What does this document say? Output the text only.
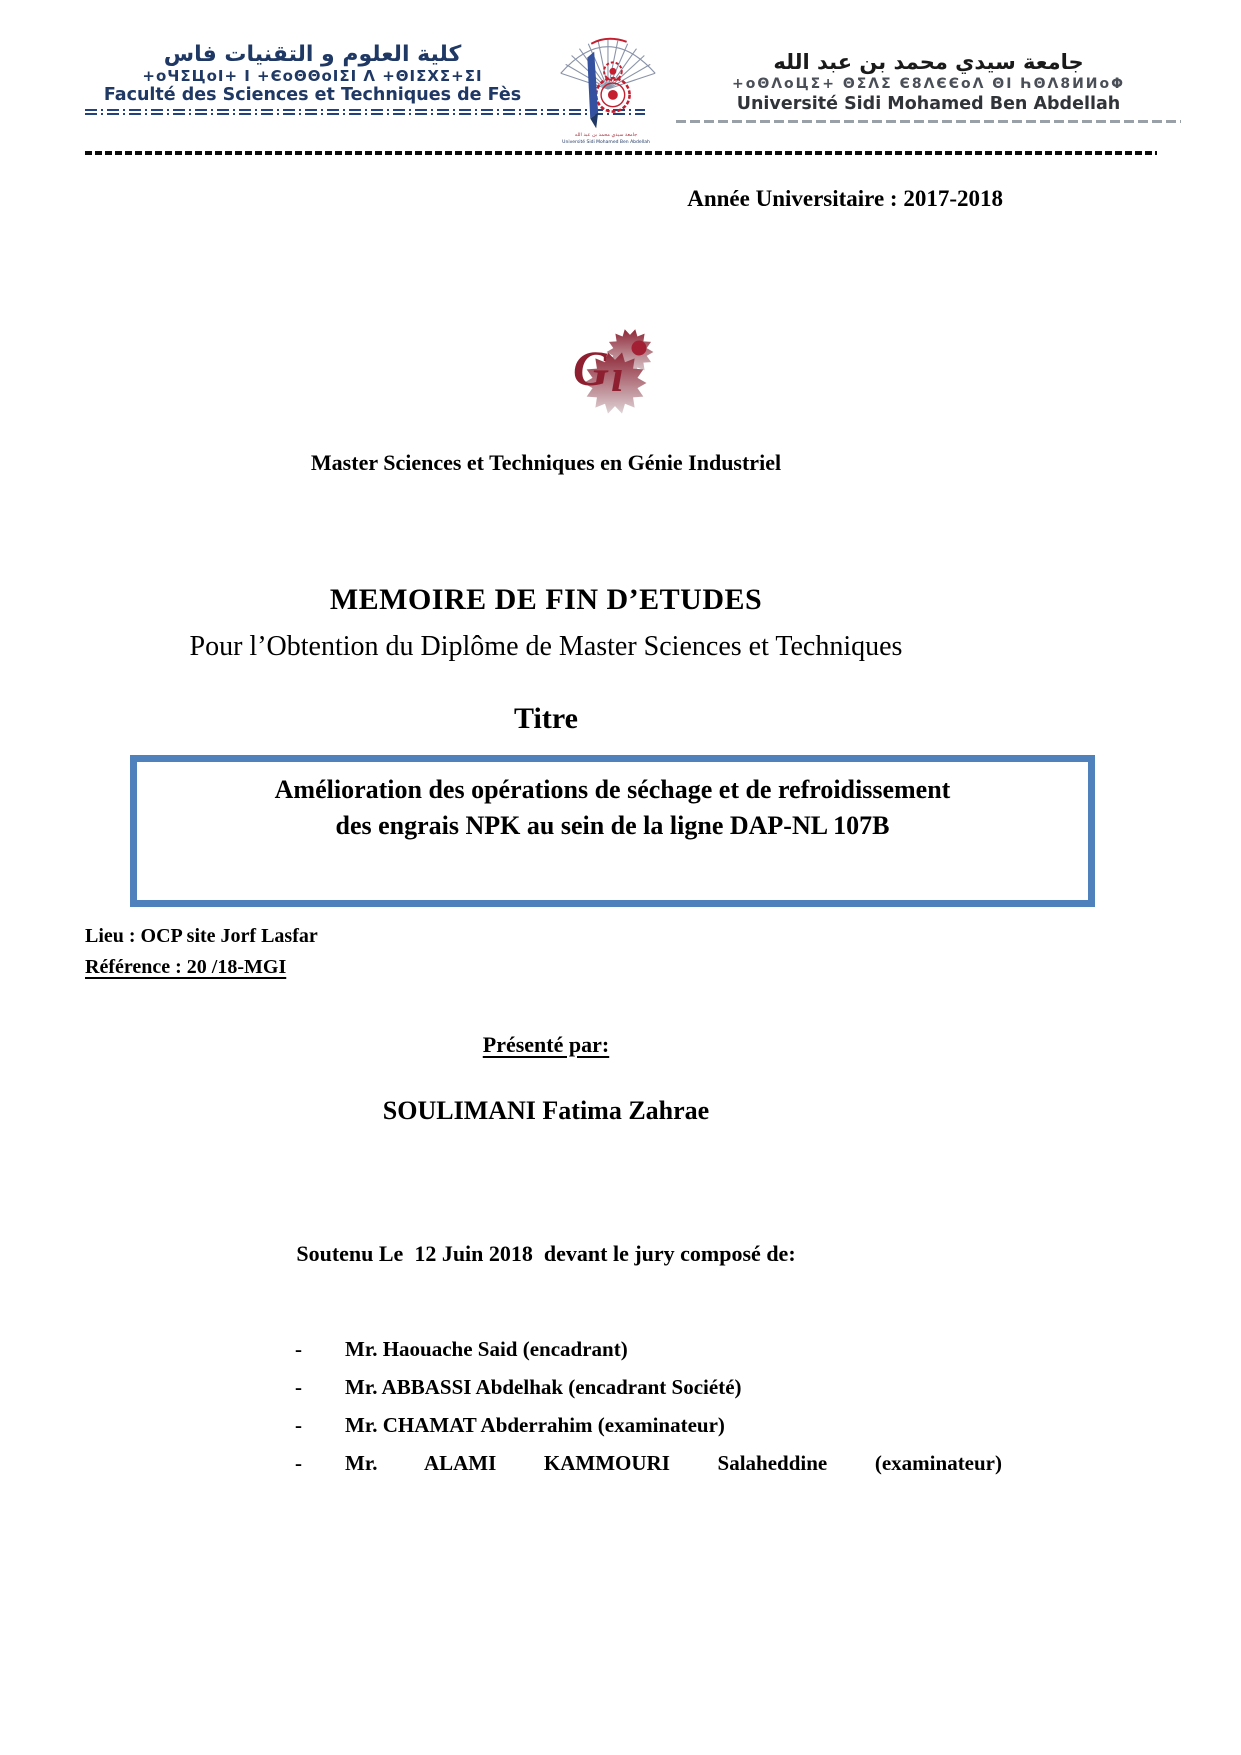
كلية العلوم و التقنيات فاس
+oЧΣЦoI+ I +ЄoΘΘoIΣI Λ +ΘIΣΧΣ+ΣI
Faculté des Sciences et Techniques de Fès
جامعة سيدي محمد بن عبد الله
Université Sidi Mohamed Ben Abdellah
جامعة سيدي محمد بن عبد الله
+oΘΛoЦΣ+ ΘΣΛΣ Є8ΛЄЄoΛ ΘI ҺΘΛ8ИИoΦ
Université Sidi Mohamed Ben Abdellah
Année Universitaire : 2017-2018
G ı
Master Sciences et Techniques en Génie Industriel
MEMOIRE DE FIN D’ETUDES
Pour l’Obtention du Diplôme de Master Sciences et Techniques
Titre
Amélioration des opérations de séchage et de refroidissement
des engrais NPK au sein de la ligne DAP-NL 107B
Lieu : OCP site Jorf Lasfar
Référence : 20 /18-MGI
Présenté par:
SOULIMANI Fatima Zahrae
Soutenu Le  12 Juin 2018  devant le jury composé de:
-	Mr. Haouache Said (encadrant)
-	Mr. ABBASSI Abdelhak (encadrant Société)
-	Mr. CHAMAT Abderrahim (examinateur)
-	Mr. ALAMI KAMMOURI Salaheddine (examinateur)
